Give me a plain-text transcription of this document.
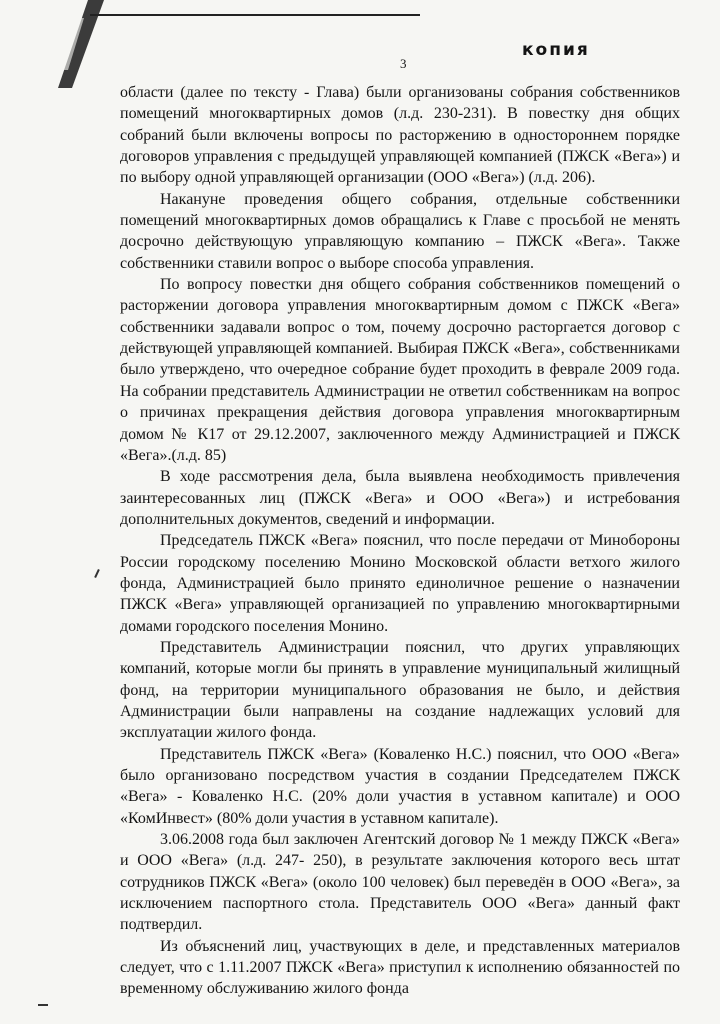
3
копия

области (далее по тексту - Глава) были организованы собрания собственников помещений многоквартирных домов (л.д. 230-231). В повестку дня общих собраний были включены вопросы по расторжению в одностороннем порядке договоров управления с предыдущей управляющей компанией (ПЖСК «Вега») и по выбору одной управляющей организации (ООО «Вега») (л.д. 206).

Накануне проведения общего собрания, отдельные собственники помещений многоквартирных домов обращались к Главе с просьбой не менять досрочно действующую управляющую компанию – ПЖСК «Вега». Также собственники ставили вопрос о выборе способа управления.

По вопросу повестки дня общего собрания собственников помещений о расторжении договора управления многоквартирным домом с ПЖСК «Вега» собственники задавали вопрос о том, почему досрочно расторгается договор с действующей управляющей компанией. Выбирая ПЖСК «Вега», собственниками было утверждено, что очередное собрание будет проходить в феврале 2009 года. На собрании представитель Администрации не ответил собственникам на вопрос о причинах прекращения действия договора управления многоквартирным домом № К17 от 29.12.2007, заключенного между Администрацией и ПЖСК «Вега».(л.д. 85)

В ходе рассмотрения дела, была выявлена необходимость привлечения заинтересованных лиц (ПЖСК «Вега» и ООО «Вега») и истребования дополнительных документов, сведений и информации.

Председатель ПЖСК «Вега» пояснил, что после передачи от Минобороны России городскому поселению Монино Московской области ветхого жилого фонда, Администрацией было принято единоличное решение о назначении ПЖСК «Вега» управляющей организацией по управлению многоквартирными домами городского поселения Монино.

Представитель Администрации пояснил, что других управляющих компаний, которые могли бы принять в управление муниципальный жилищный фонд, на территории муниципального образования не было, и действия Администрации были направлены на создание надлежащих условий для эксплуатации жилого фонда.

Представитель ПЖСК «Вега» (Коваленко Н.С.) пояснил, что ООО «Вега» было организовано посредством участия в создании Председателем ПЖСК «Вега» - Коваленко Н.С. (20% доли участия в уставном капитале) и ООО «КомИнвест» (80% доли участия в уставном капитале).

3.06.2008 года был заключен Агентский договор № 1 между ПЖСК «Вега» и ООО «Вега» (л.д. 247- 250), в результате заключения которого весь штат сотрудников ПЖСК «Вега» (около 100 человек) был переведён в ООО «Вега», за исключением паспортного стола. Представитель ООО «Вега» данный факт подтвердил.

Из объяснений лиц, участвующих в деле, и представленных материалов следует, что с 1.11.2007 ПЖСК «Вега» приступил к исполнению обязанностей по временному обслуживанию жилого фонда
